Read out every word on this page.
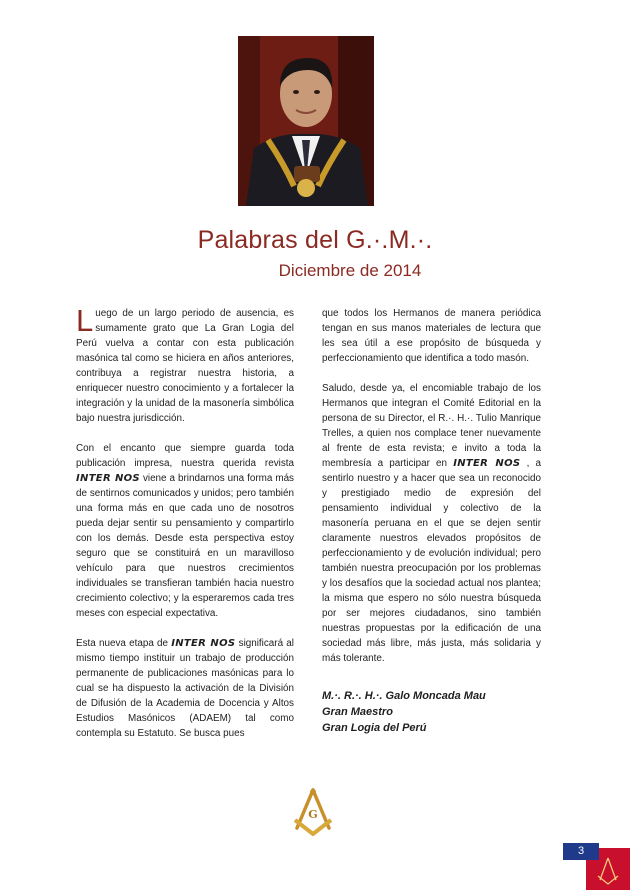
Palabras del G.·.M.·.
Diciembre de 2014

Luego de un largo periodo de ausencia, es sumamente grato que La Gran Logia del Perú vuelva a contar con esta publicación masónica tal como se hiciera en años anteriores, contribuya a registrar nuestra historia, a enriquecer nuestro conocimiento y a fortalecer la integración y la unidad de la masonería simbólica bajo nuestra jurisdicción.

Con el encanto que siempre guarda toda publicación impresa, nuestra querida revista INTER NOS viene a brindarnos una forma más de sentirnos comunicados y unidos; pero también una forma más en que cada uno de nosotros pueda dejar sentir su pensamiento y compartirlo con los demás. Desde esta perspectiva estoy seguro que se constituirá en un maravilloso vehículo para que nuestros crecimientos individuales se transfieran también hacia nuestro crecimiento colectivo; y la esperaremos cada tres meses con especial expectativa.

Esta nueva etapa de INTER NOS significará al mismo tiempo instituir un trabajo de producción permanente de publicaciones masónicas para lo cual se ha dispuesto la activación de la División de Difusión de la Academia de Docencia y Altos Estudios Masónicos (ADAEM) tal como contempla su Estatuto. Se busca pues

que todos los Hermanos de manera periódica tengan en sus manos materiales de lectura que les sea útil a ese propósito de búsqueda y perfeccionamiento que identifica a todo masón.

Saludo, desde ya, el encomiable trabajo de los Hermanos que integran el Comité Editorial en la persona de su Director, el R.·. H.·. Tulio Manrique Trelles, a quien nos complace tener nuevamente al frente de esta revista; e invito a toda la membresía a participar en INTER NOS , a sentirlo nuestro y a hacer que sea un reconocido y prestigiado medio de expresión del pensamiento individual y colectivo de la masonería peruana en el que se dejen sentir claramente nuestros elevados propósitos de perfeccionamiento y de evolución individual; pero también nuestra preocupación por los problemas y los desafíos que la sociedad actual nos plantea; la misma que espero no sólo nuestra búsqueda por ser mejores ciudadanos, sino también nuestras propuestas por la edificación de una sociedad más libre, más justa, más solidaria y más tolerante.

M.·. R.·. H.·. Galo Moncada Mau
Gran Maestro
Gran Logia del Perú
G
3
